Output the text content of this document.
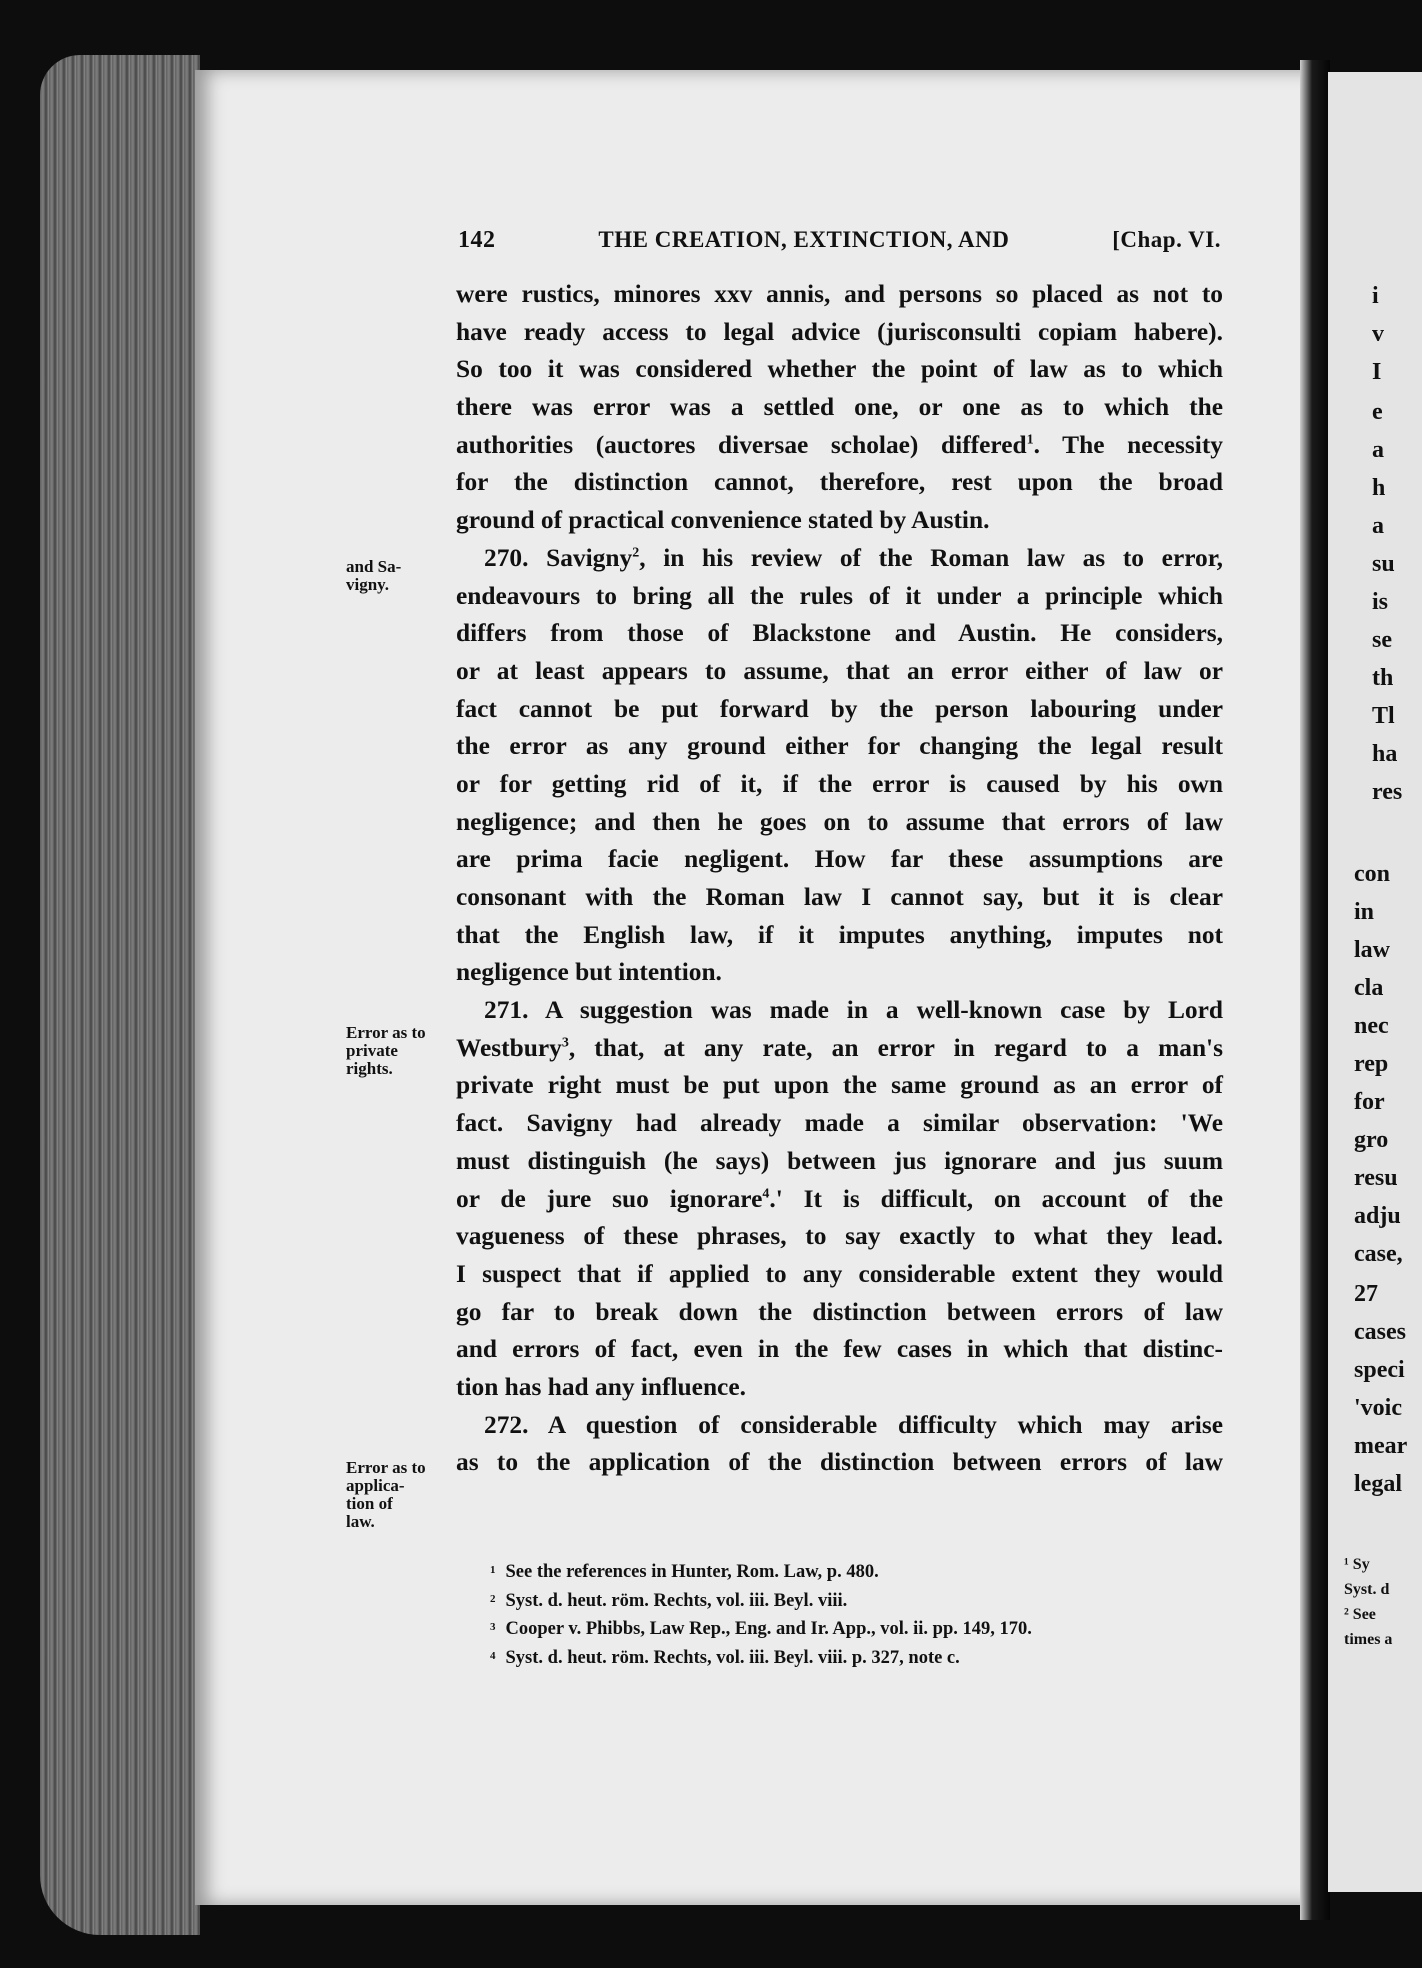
i
v
I
e
a
h
a
su
is
se
th
Tl
ha
res
con
in
law
cla
nec
rep
for
gro
resu
adju
case,
27
cases
speci
'voic
mear
legal
¹ Sy
Syst. d
² See
times a
142	THE CREATION, EXTINCTION, AND	[Chap. VI.
were rustics, minores xxv annis, and persons so placed as not to
have ready access to legal advice (jurisconsulti copiam habere).
So too it was considered whether the point of law as to which
there was error was a settled one, or one as to which the
authorities (auctores diversae scholae) differed$^1$. The necessity
for the distinction cannot, therefore, rest upon the broad
ground of practical convenience stated by Austin.
270. Savigny$^2$, in his review of the Roman law as to error,
endeavours to bring all the rules of it under a principle which
differs from those of Blackstone and Austin. He considers,
or at least appears to assume, that an error either of law or
fact cannot be put forward by the person labouring under
the error as any ground either for changing the legal result
or for getting rid of it, if the error is caused by his own
negligence; and then he goes on to assume that errors of law
are prima facie negligent. How far these assumptions are
consonant with the Roman law I cannot say, but it is clear
that the English law, if it imputes anything, imputes not
negligence but intention.
271. A suggestion was made in a well-known case by Lord
Westbury$^3$, that, at any rate, an error in regard to a man's
private right must be put upon the same ground as an error of
fact. Savigny had already made a similar observation: 'We
must distinguish (he says) between jus ignorare and jus suum
or de jure suo ignorare$^4$.' It is difficult, on account of the
vagueness of these phrases, to say exactly to what they lead.
I suspect that if applied to any considerable extent they would
go far to break down the distinction between errors of law
and errors of fact, even in the few cases in which that distinc-
tion has had any influence.
272. A question of considerable difficulty which may arise
as to the application of the distinction between errors of law
and Sa-
vigny.
Error as to
private
rights.
Error as to
applica-
tion of
law.
$^1$ See the references in Hunter, Rom. Law, p. 480.
$^2$ Syst. d. heut. röm. Rechts, vol. iii. Beyl. viii.
$^3$ Cooper v. Phibbs, Law Rep., Eng. and Ir. App., vol. ii. pp. 149, 170.
$^4$ Syst. d. heut. röm. Rechts, vol. iii. Beyl. viii. p. 327, note c.
